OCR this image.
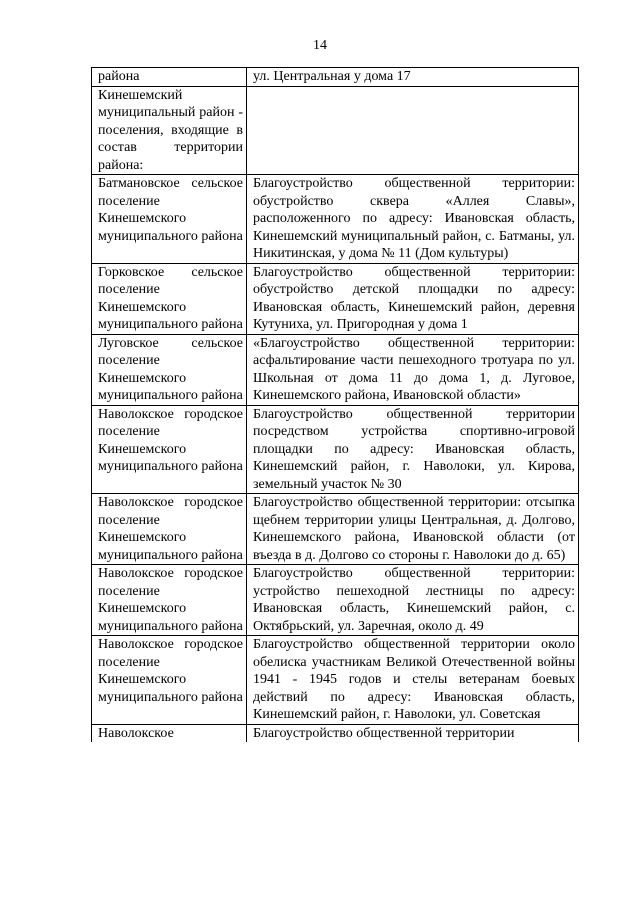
14
района	ул. Центральная у дома 17
Кинешемский муниципальный район - поселения, входящие в состав территории района:	
Батмановское сельское поселение Кинешемского муниципального района	Благоустройство общественной территории: обустройство сквера «Аллея Славы», расположенного по адресу: Ивановская область, Кинешемский муниципальный район, с. Батманы, ул. Никитинская, у дома № 11 (Дом культуры)
Горковское сельское поселение Кинешемского муниципального района	Благоустройство общественной территории: обустройство детской площадки по адресу: Ивановская область, Кинешемский район, деревня Кутуниха, ул. Пригородная у дома 1
Луговское сельское поселение Кинешемского муниципального района	«Благоустройство общественной территории: асфальтирование части пешеходного тротуара по ул. Школьная от дома 11 до дома 1, д. Луговое, Кинешемского района, Ивановской области»
Наволокское городское поселение Кинешемского муниципального района	Благоустройство общественной территории посредством устройства спортивно-игровой площадки по адресу: Ивановская область, Кинешемский район, г. Наволоки, ул. Кирова, земельный участок № 30
Наволокское городское поселение Кинешемского муниципального района	Благоустройство общественной территории: отсыпка щебнем территории улицы Центральная, д. Долгово, Кинешемского района, Ивановской области (от въезда в д. Долгово со стороны г. Наволоки до д. 65)
Наволокское городское поселение Кинешемского муниципального района	Благоустройство общественной территории: устройство пешеходной лестницы по адресу: Ивановская область, Кинешемский район, с. Октябрьский, ул. Заречная, около д. 49
Наволокское городское поселение Кинешемского муниципального района	Благоустройство общественной территории около обелиска участникам Великой Отечественной войны 1941 - 1945 годов и стелы ветеранам боевых действий по адресу: Ивановская область, Кинешемский район, г. Наволоки, ул. Советская
Наволокское	Благоустройство общественной территории
